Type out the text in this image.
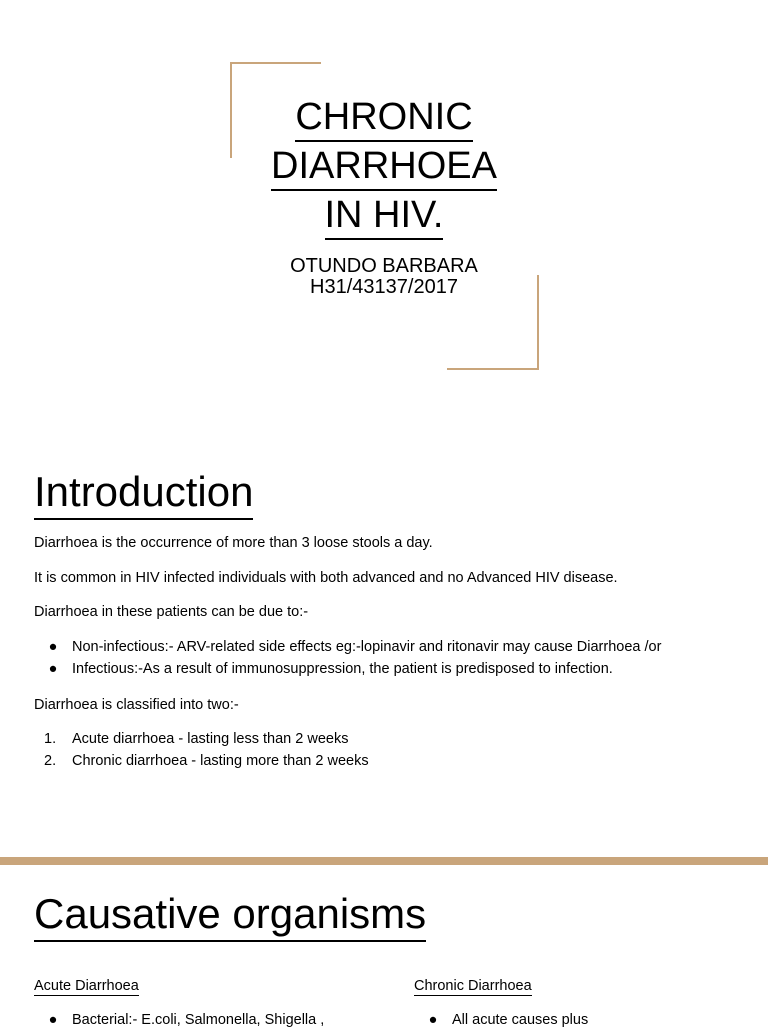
CHRONIC
DIARRHOEA
IN HIV.
OTUNDO BARBARA
H31/43137/2017
Introduction
Diarrhoea is the occurrence of more than 3 loose stools a day.
It is common in HIV infected individuals with both advanced and no Advanced HIV disease.
Diarrhoea in these patients can be due to:-
● Non-infectious:- ARV-related side effects eg:-lopinavir and ritonavir may cause Diarrhoea /or
● Infectious:-As a result of immunosuppression, the patient is predisposed to infection.
Diarrhoea is classified into two:-
1.	Acute diarrhoea - lasting less than 2 weeks
2.	Chronic diarrhoea - lasting more than 2 weeks
Causative organisms
Acute Diarrhoea	Chronic Diarrhoea
● Bacterial:- E.coli, Salmonella, Shigella ,	● All acute causes plus
